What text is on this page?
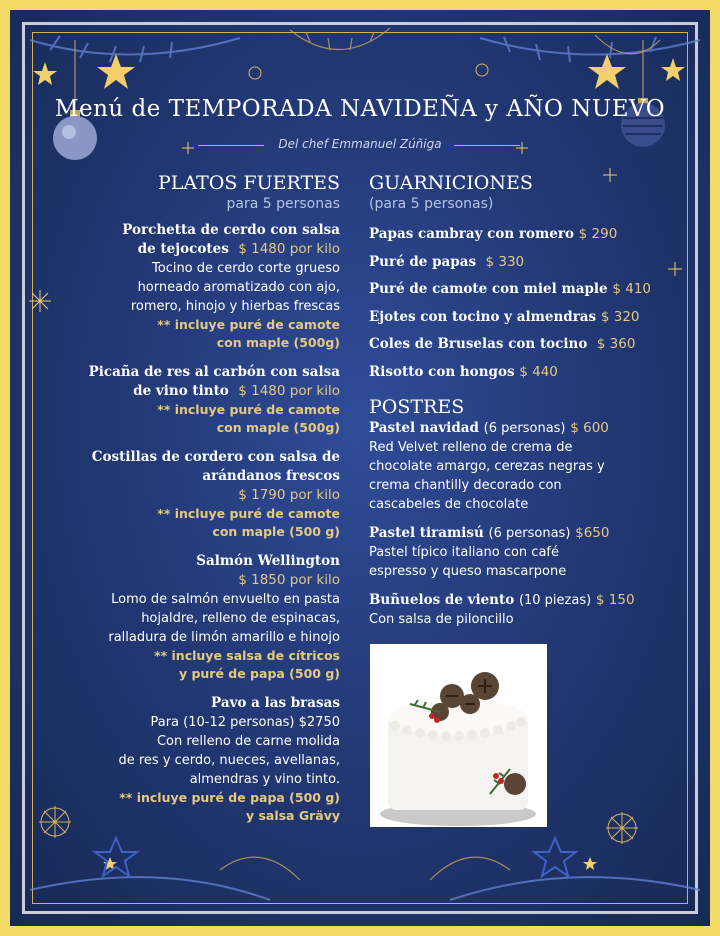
Menú de TEMPORADA NAVIDEÑA y AÑO NUEVO
Del chef Emmanuel Zúñiga
PLATOS FUERTES
para 5 personas
Porchetta de cerdo con salsa
de tejocotes $ 1480 por kilo
Tocino de cerdo corte grueso
horneado aromatizado con ajo,
romero, hinojo y hierbas frescas
** incluye puré de camote
con maple (500g)
Picaña de res al carbón con salsa
de vino tinto $ 1480 por kilo
** incluye puré de camote
con maple (500g)
Costillas de cordero con salsa de
arándanos frescos
$ 1790 por kilo
** incluye puré de camote
con maple (500 g)
Salmón Wellington
$ 1850 por kilo
Lomo de salmón envuelto en pasta
hojaldre, relleno de espinacas,
ralladura de limón amarillo e hinojo
** incluye salsa de cítricos
y puré de papa (500 g)
Pavo a las brasas
Para (10-12 personas) $2750
Con relleno de carne molida
de res y cerdo, nueces, avellanas,
almendras y vino tinto.
** incluye puré de papa (500 g)
y salsa Grävy
GUARNICIONES
(para 5 personas)
Papas cambray con romero $ 290
Puré de papas $ 330
Puré de camote con miel maple $ 410
Ejotes con tocino y almendras $ 320
Coles de Bruselas con tocino $ 360
Risotto con hongos $ 440
POSTRES
Pastel navidad (6 personas) $ 600
Red Velvet relleno de crema de
chocolate amargo, cerezas negras y
crema chantilly decorado con
cascabeles de chocolate
Pastel tiramisú (6 personas) $650
Pastel típico italiano con café
espresso y queso mascarpone
Buñuelos de viento (10 piezas) $ 150
Con salsa de piloncillo
